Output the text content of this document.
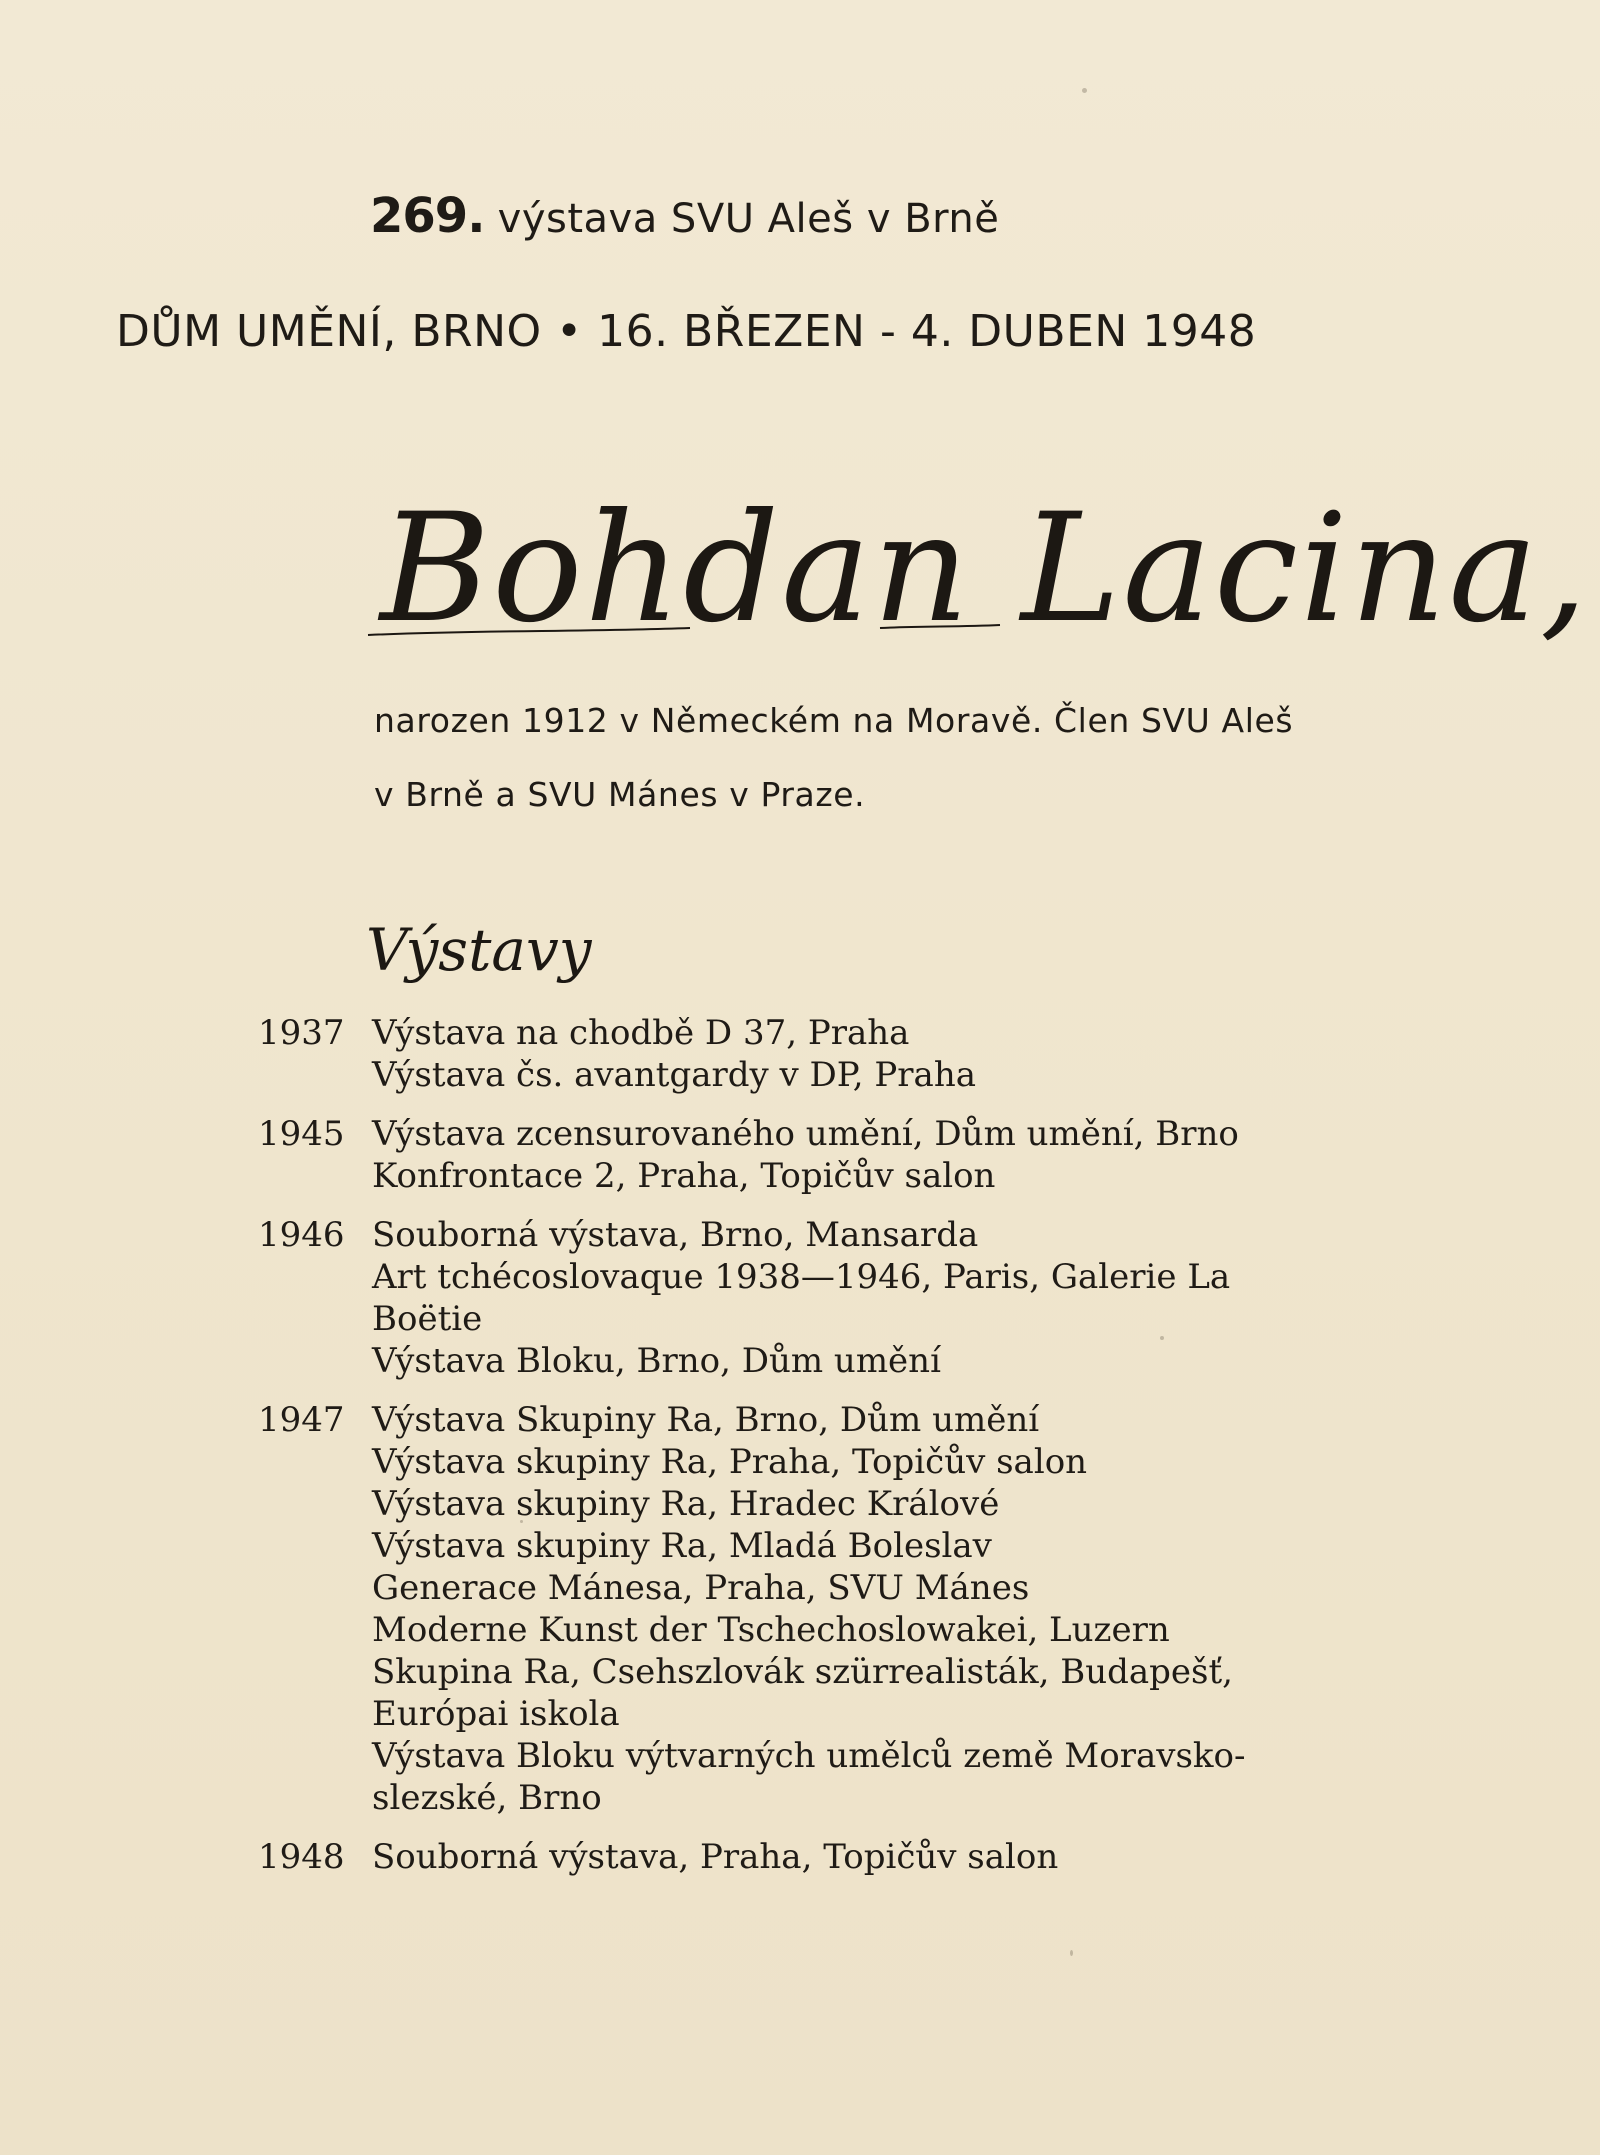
269. výstava SVU Aleš v Brně
DŮM UMĚNÍ, BRNO • 16. BŘEZEN - 4. DUBEN 1948
Bohdan Lacina,
narozen 1912 v Německém na Moravě. Člen SVU Aleš
v Brně a SVU Mánes v Praze.
Výstavy
1937 Výstava na chodbě D 37, Praha
Výstava čs. avantgardy v DP, Praha
1945 Výstava zcensurovaného umění, Dům umění, Brno
Konfrontace 2, Praha, Topičův salon
1946 Souborná výstava, Brno, Mansarda
Art tchécoslovaque 1938—1946, Paris, Galerie La
Boëtie
Výstava Bloku, Brno, Dům umění
1947 Výstava Skupiny Ra, Brno, Dům umění
Výstava skupiny Ra, Praha, Topičův salon
Výstava skupiny Ra, Hradec Králové
Výstava skupiny Ra, Mladá Boleslav
Generace Mánesa, Praha, SVU Mánes
Moderne Kunst der Tschechoslowakei, Luzern
Skupina Ra, Csehszlovák szürrealisták, Budapešť,
Európai iskola
Výstava Bloku výtvarných umělců země Moravsko-
slezské, Brno
1948 Souborná výstava, Praha, Topičův salon
